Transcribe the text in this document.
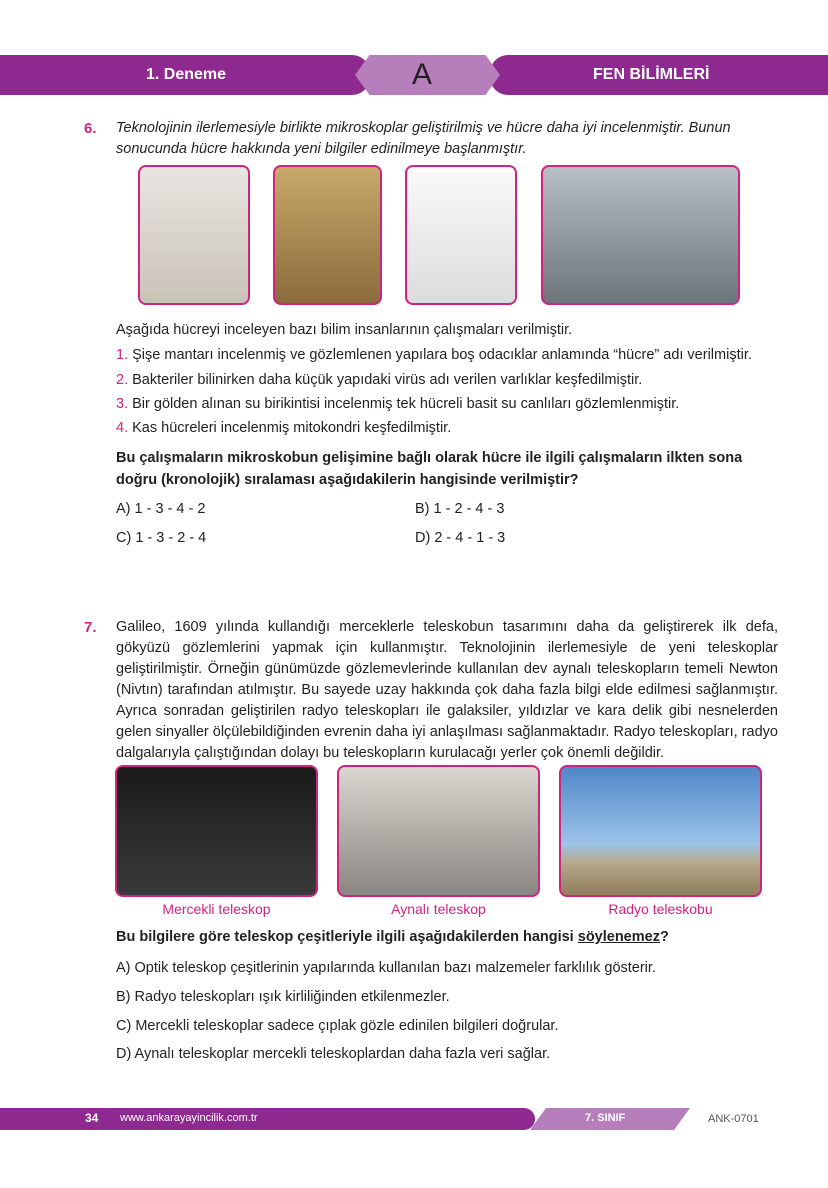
1. Deneme	A	FEN BİLİMLERİ
6. Teknolojinin ilerlemesiyle birlikte mikroskoplar geliştirilmiş ve hücre daha iyi incelenmiştir. Bunun sonucunda hücre hakkında yeni bilgiler edinilmeye başlanmıştır.
Aşağıda hücreyi inceleyen bazı bilim insanlarının çalışmaları verilmiştir.
1. Şişe mantarı incelenmiş ve gözlemlenen yapılara boş odacıklar anlamında “hücre” adı verilmiştir.
2. Bakteriler bilinirken daha küçük yapıdaki virüs adı verilen varlıklar keşfedilmiştir.
3. Bir gölden alınan su birikintisi incelenmiş tek hücreli basit su canlıları gözlemlenmiştir.
4. Kas hücreleri incelenmiş mitokondri keşfedilmiştir.
Bu çalışmaların mikroskobun gelişimine bağlı olarak hücre ile ilgili çalışmaların ilkten sona doğru (kronolojik) sıralaması aşağıdakilerin hangisinde verilmiştir?
A) 1 - 3 - 4 - 2	B) 1 - 2 - 4 - 3
C) 1 - 3 - 2 - 4	D) 2 - 4 - 1 - 3
7. Galileo, 1609 yılında kullandığı merceklerle teleskobun tasarımını daha da geliştirerek ilk defa, gökyüzü gözlemlerini yapmak için kullanmıştır. Teknolojinin ilerlemesiyle de yeni teleskoplar geliştirilmiştir. Örneğin günümüzde gözlemevlerinde kullanılan dev aynalı teleskopların temeli Newton (Nivtın) tarafından atılmıştır. Bu sayede uzay hakkında çok daha fazla bilgi elde edilmesi sağlanmıştır. Ayrıca sonradan geliştirilen radyo teleskopları ile galaksiler, yıldızlar ve kara delik gibi nesnelerden gelen sinyaller ölçülebildiğinden evrenin daha iyi anlaşılması sağlanmaktadır. Radyo teleskopları, radyo dalgalarıyla çalıştığından dolayı bu teleskopların kurulacağı yerler çok önemli değildir.
Mercekli teleskop	Aynalı teleskop	Radyo teleskobu
Bu bilgilere göre teleskop çeşitleriyle ilgili aşağıdakilerden hangisi söylenemez?
A) Optik teleskop çeşitlerinin yapılarında kullanılan bazı malzemeler farklılık gösterir.
B) Radyo teleskopları ışık kirliliğinden etkilenmezler.
C) Mercekli teleskoplar sadece çıplak gözle edinilen bilgileri doğrular.
D) Aynalı teleskoplar mercekli teleskoplardan daha fazla veri sağlar.
34 www.ankarayayincilik.com.tr	7. SINIF	ANK-0701
